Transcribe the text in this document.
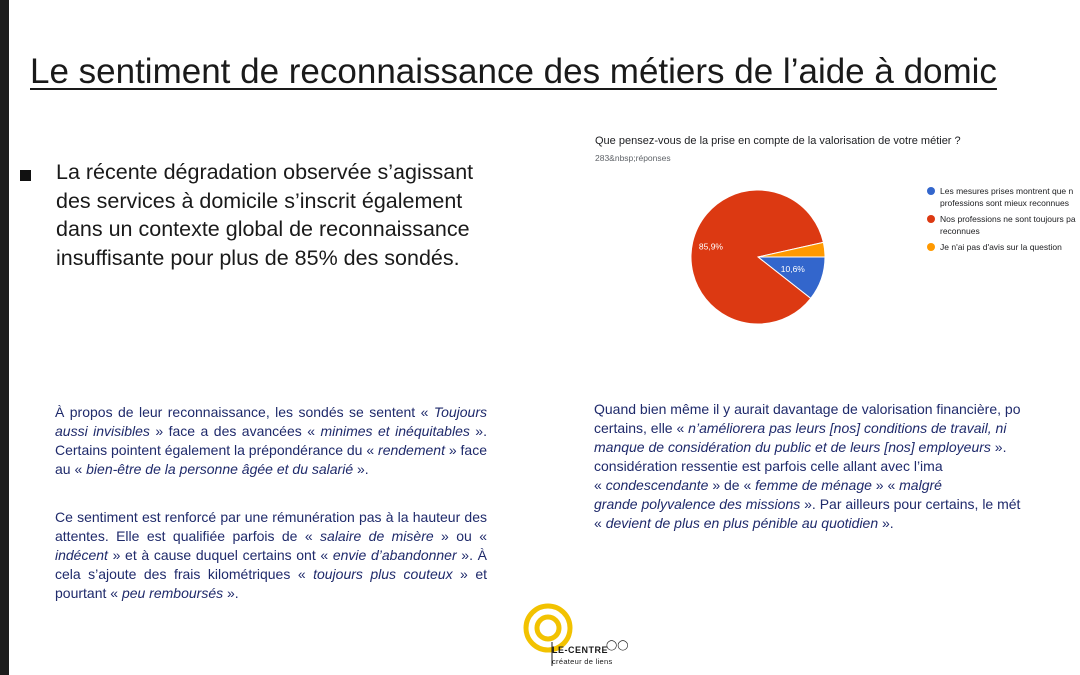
Le sentiment de reconnaissance des métiers de l’aide à domic
La récente dégradation observée s’agissant des services à domicile s’inscrit également dans un contexte global de reconnaissance insuffisante pour plus de 85% des sondés.
Que pensez-vous de la prise en compte de la valorisation de votre métier ?
283&nbsp;réponses
10,6%
85,9%
Les mesures prises montrent que n
professions sont mieux reconnues
Nos professions ne sont toujours pa
reconnues
Je n'ai pas d'avis sur la question
À propos de leur reconnaissance, les sondés se sentent « Toujours aussi invisibles » face a des avancées « minimes et inéquitables ». Certains pointent également la prépondérance du « rendement » face au « bien-être de la personne âgée et du salarié ».
Ce sentiment est renforcé par une rémunération pas à la hauteur des attentes. Elle est qualifiée parfois de « salaire de misère » ou « indécent » et à cause duquel certains ont « envie d’abandonner ». À cela s’ajoute des frais kilométriques « toujours plus couteux » et pourtant « peu remboursés ».
Quand bien même il y aurait davantage de valorisation financière, po
certains, elle « n’améliorera pas leurs [nos] conditions de travail, ni
manque de considération du public et de leurs [nos] employeurs ».
considération ressentie est parfois celle allant avec l’ima
« condescendante » de « femme de ménage » « malgré
grande polyvalence des missions ». Par ailleurs pour certains, le mét
« devient de plus en plus pénible au quotidien ».
LE-CENTRE
créateur de liens
◯◯
